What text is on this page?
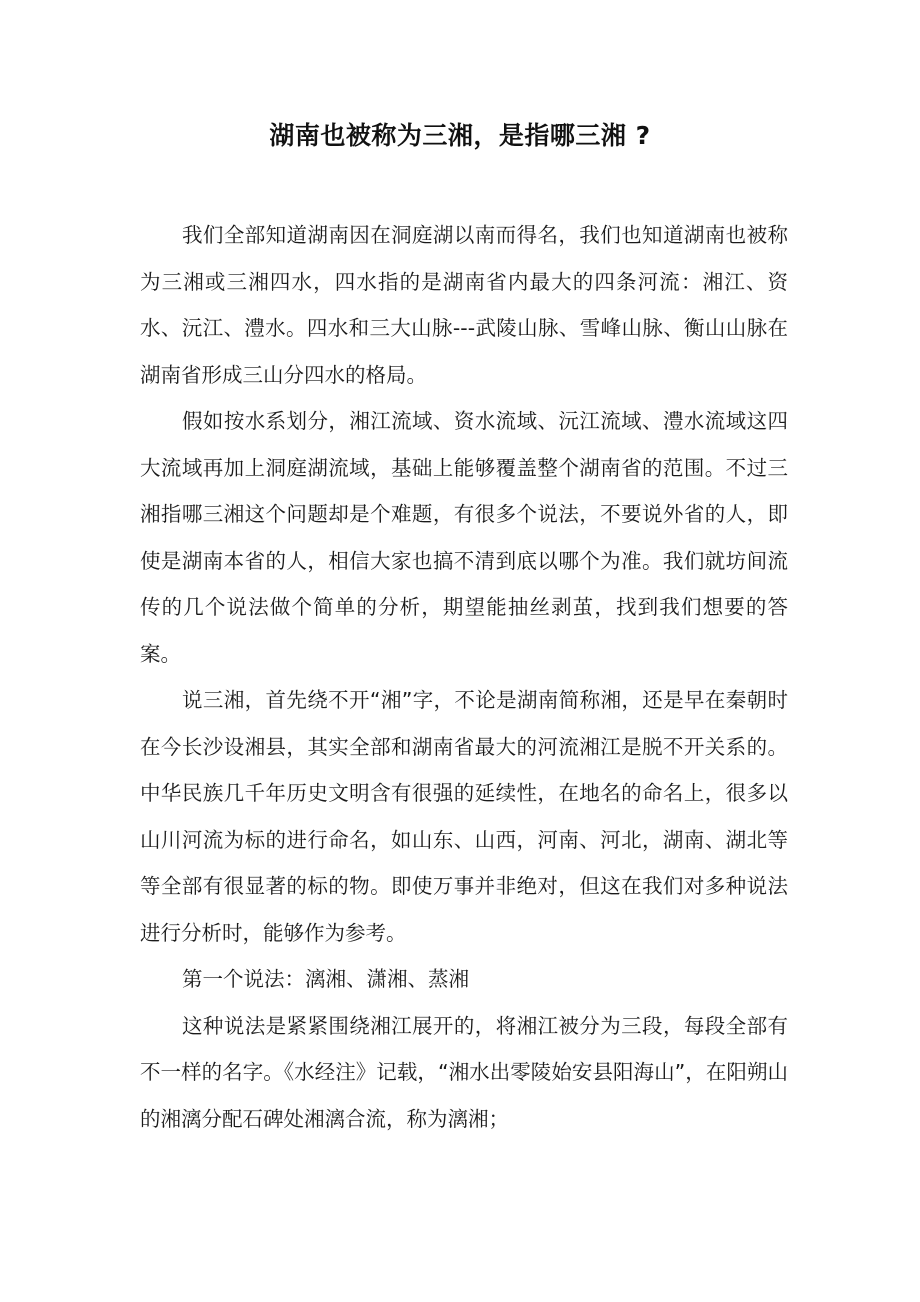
湖南也被称为三湘，是指哪三湘 ?

我们全部知道湖南因在洞庭湖以南而得名，我们也知道湖南也被称为三湘或三湘四水，四水指的是湖南省内最大的四条河流：湘江、资水、沅江、澧水。四水和三大山脉---武陵山脉、雪峰山脉、衡山山脉在湖南省形成三山分四水的格局。

假如按水系划分，湘江流域、资水流域、沅江流域、澧水流域这四大流域再加上洞庭湖流域，基础上能够覆盖整个湖南省的范围。不过三湘指哪三湘这个问题却是个难题，有很多个说法，不要说外省的人，即使是湖南本省的人，相信大家也搞不清到底以哪个为准。我们就坊间流传的几个说法做个简单的分析，期望能抽丝剥茧，找到我们想要的答案。

说三湘，首先绕不开“湘”字，不论是湖南简称湘，还是早在秦朝时在今长沙设湘县，其实全部和湖南省最大的河流湘江是脱不开关系的。中华民族几千年历史文明含有很强的延续性，在地名的命名上，很多以山川河流为标的进行命名，如山东、山西，河南、河北，湖南、湖北等等全部有很显著的标的物。即使万事并非绝对，但这在我们对多种说法进行分析时，能够作为参考。

第一个说法：漓湘、潇湘、蒸湘

这种说法是紧紧围绕湘江展开的，将湘江被分为三段，每段全部有不一样的名字。《水经注》记载，“湘水出零陵始安县阳海山”，在阳朔山的湘漓分配石碑处湘漓合流，称为漓湘；
